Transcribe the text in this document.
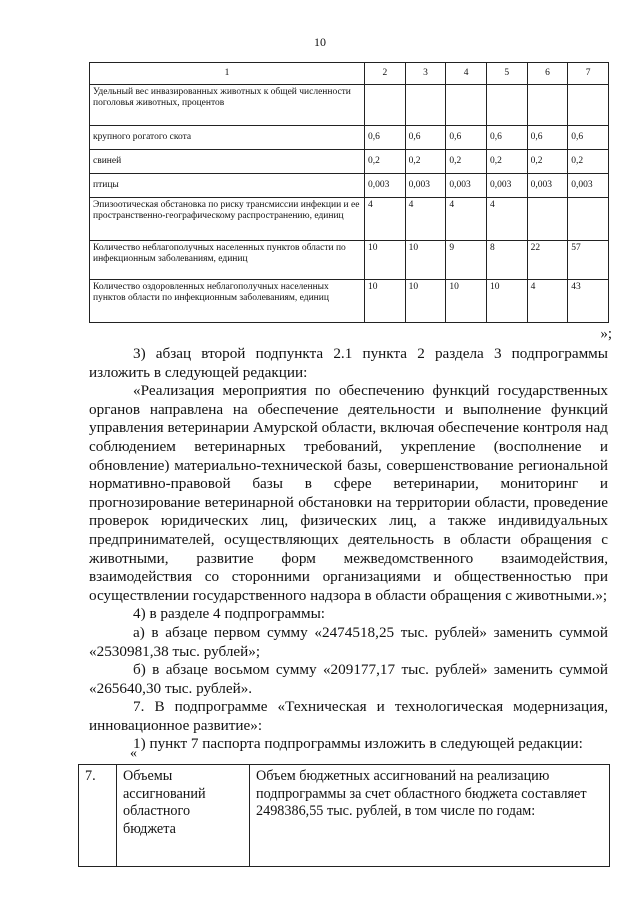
10
1	2	3	4	5	6	7
Удельный вес инвазированных животных к общей численности поголовья животных, процентов						
крупного рогатого скота	0,6	0,6	0,6	0,6	0,6	0,6
свиней	0,2	0,2	0,2	0,2	0,2	0,2
птицы	0,003	0,003	0,003	0,003	0,003	0,003
Эпизоотическая обстановка по риску трансмиссии инфекции и ее пространственно-географическому распространению, единиц	4	4	4	4		
Количество неблагополучных населенных пунктов области по инфекционным заболеваниям, единиц	10	10	9	8	22	57
Количество оздоровленных неблагополучных населенных пунктов области по инфекционным заболеваниям, единиц	10	10	10	10	4	43
»;

3) абзац второй подпункта 2.1 пункта 2 раздела 3 подпрограммы изложить в следующей редакции:

«Реализация мероприятия по обеспечению функций государственных органов направлена на обеспечение деятельности и выполнение функций управления ветеринарии Амурской области, включая обеспечение контроля над соблюдением ветеринарных требований, укрепление (восполнение и обновление) материально-технической базы, совершенствование региональной нормативно-правовой базы в сфере ветеринарии, мониторинг и прогнозирование ветеринарной обстановки на территории области, проведение проверок юридических лиц, физических лиц, а также индивидуальных предпринимателей, осуществляющих деятельность в области обращения с животными, развитие форм межведомственного взаимодействия, взаимодействия со сторонними организациями и общественностью при осуществлении государственного надзора в области обращения с животными.»;

4) в разделе 4 подпрограммы:

а) в абзаце первом сумму «2474518,25 тыс. рублей» заменить суммой «2530981,38 тыс. рублей»;

б) в абзаце восьмом сумму «209177,17 тыс. рублей» заменить суммой «265640,30 тыс. рублей».

7. В подпрограмме «Техническая и технологическая модернизация, инновационное развитие»:

1) пункт 7 паспорта подпрограммы изложить в следующей редакции:

«
7.	Объемы ассигнований областного бюджета	Объем бюджетных ассигнований на реализацию подпрограммы за счет областного бюджета составляет 2498386,55 тыс. рублей, в том числе по годам:
